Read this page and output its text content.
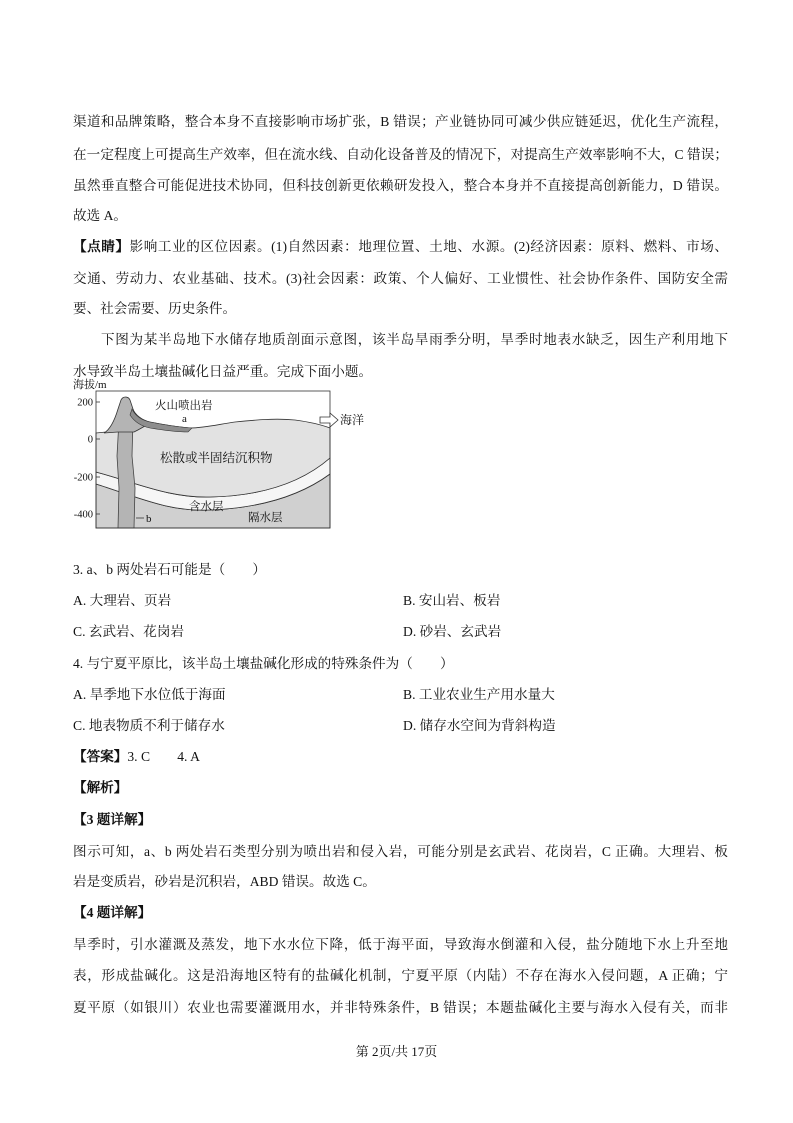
渠道和品牌策略，整合本身不直接影响市场扩张，B 错误；产业链协同可减少供应链延迟，优化生产流程，
在一定程度上可提高生产效率，但在流水线、自动化设备普及的情况下，对提高生产效率影响不大，C 错误；
虽然垂直整合可能促进技术协同，但科技创新更依赖研发投入，整合本身并不直接提高创新能力，D 错误。
故选 A。
【点睛】影响工业的区位因素。(1)自然因素：地理位置、土地、水源。(2)经济因素：原料、燃料、市场、
交通、劳动力、农业基础、技术。(3)社会因素：政策、个人偏好、工业惯性、社会协作条件、国防安全需
要、社会需要、历史条件。
下图为某半岛地下水储存地质剖面示意图，该半岛旱雨季分明，旱季时地表水缺乏，因生产利用地下
水导致半岛土壤盐碱化日益严重。完成下面小题。
海拔/m
200
0
-200
-400
火山喷出岩
a
松散或半固结沉积物
含水层
隔水层
b
海洋
3. a、b 两处岩石可能是（　　）
A. 大理岩、页岩	B. 安山岩、板岩
C. 玄武岩、花岗岩	D. 砂岩、玄武岩
4. 与宁夏平原比，该半岛土壤盐碱化形成的特殊条件为（　　）
A. 旱季地下水位低于海面	B. 工业农业生产用水量大
C. 地表物质不利于储存水	D. 储存水空间为背斜构造
【答案】3. C　　4. A
【解析】
【3 题详解】
图示可知，a、b 两处岩石类型分别为喷出岩和侵入岩，可能分别是玄武岩、花岗岩，C 正确。大理岩、板
岩是变质岩，砂岩是沉积岩，ABD 错误。故选 C。
【4 题详解】
旱季时，引水灌溉及蒸发，地下水水位下降，低于海平面，导致海水倒灌和入侵，盐分随地下水上升至地
表，形成盐碱化。这是沿海地区特有的盐碱化机制，宁夏平原（内陆）不存在海水入侵问题，A 正确；宁
夏平原（如银川）农业也需要灌溉用水，并非特殊条件，B 错误；本题盐碱化主要与海水入侵有关，而非
第 2页/共 17页
